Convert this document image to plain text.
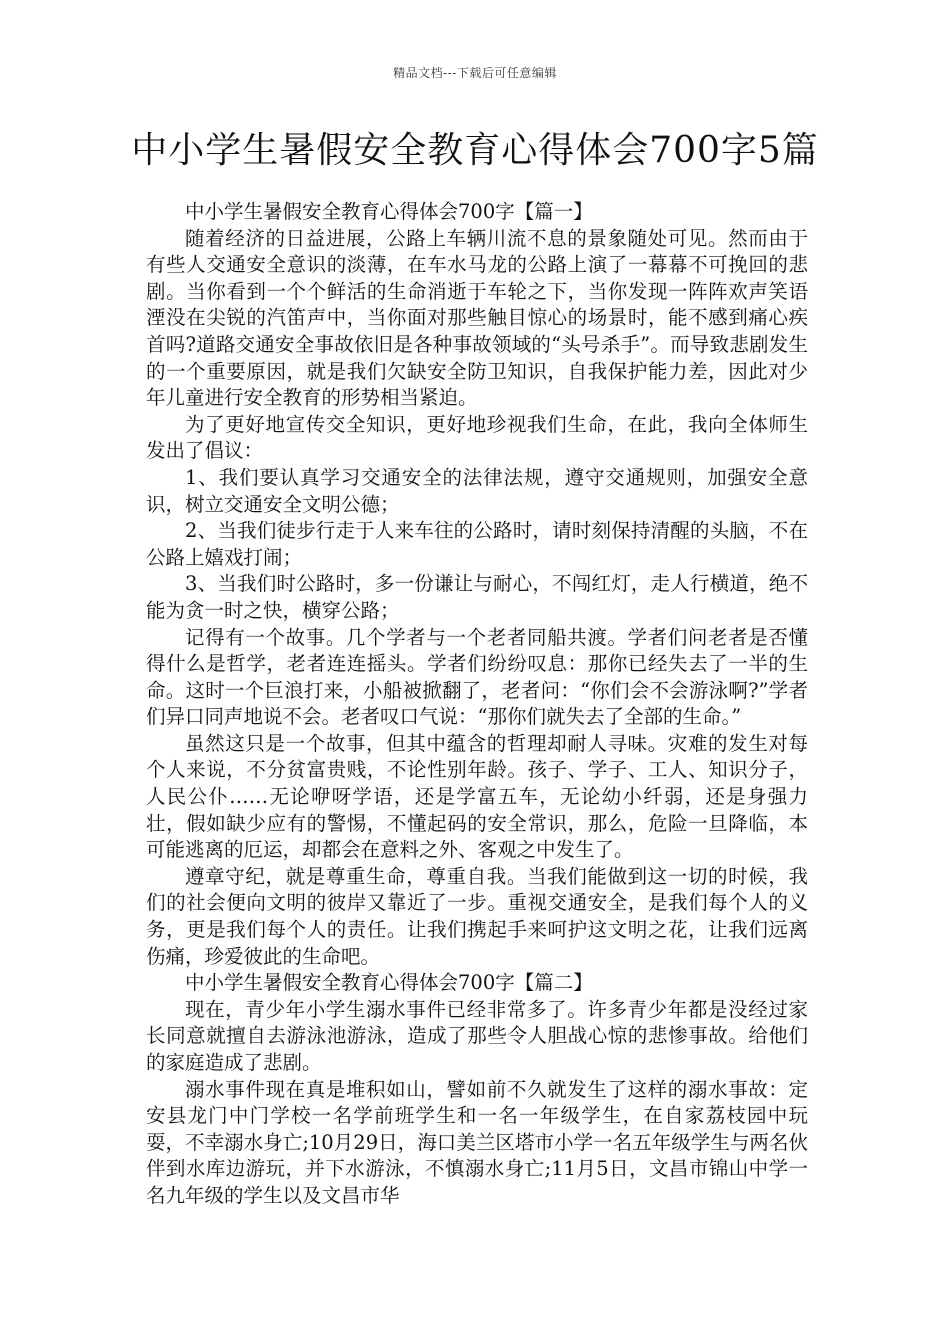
精品文档---下载后可任意编辑
中小学生暑假安全教育心得体会700字5篇

中小学生暑假安全教育心得体会700字【篇一】

随着经济的日益进展，公路上车辆川流不息的景象随处可见。然而由于有些人交通安全意识的淡薄，在车水马龙的公路上演了一幕幕不可挽回的悲剧。当你看到一个个鲜活的生命消逝于车轮之下，当你发现一阵阵欢声笑语湮没在尖锐的汽笛声中，当你面对那些触目惊心的场景时，能不感到痛心疾首吗?道路交通安全事故依旧是各种事故领域的“头号杀手”。而导致悲剧发生的一个重要原因，就是我们欠缺安全防卫知识，自我保护能力差，因此对少年儿童进行安全教育的形势相当紧迫。

为了更好地宣传交全知识，更好地珍视我们生命，在此，我向全体师生发出了倡议：

1、我们要认真学习交通安全的法律法规，遵守交通规则，加强安全意识，树立交通安全文明公德；

2、当我们徒步行走于人来车往的公路时，请时刻保持清醒的头脑，不在公路上嬉戏打闹；

3、当我们时公路时，多一份谦让与耐心，不闯红灯，走人行横道，绝不能为贪一时之快，横穿公路；

记得有一个故事。几个学者与一个老者同船共渡。学者们问老者是否懂得什么是哲学，老者连连摇头。学者们纷纷叹息：那你已经失去了一半的生命。这时一个巨浪打来，小船被掀翻了，老者问：“你们会不会游泳啊?”学者们异口同声地说不会。老者叹口气说：“那你们就失去了全部的生命。”

虽然这只是一个故事，但其中蕴含的哲理却耐人寻味。灾难的发生对每个人来说，不分贫富贵贱，不论性别年龄。孩子、学子、工人、知识分子，人民公仆……无论咿呀学语，还是学富五车，无论幼小纤弱，还是身强力壮，假如缺少应有的警惕，不懂起码的安全常识，那么，危险一旦降临，本可能逃离的厄运，却都会在意料之外、客观之中发生了。

遵章守纪，就是尊重生命，尊重自我。当我们能做到这一切的时候，我们的社会便向文明的彼岸又靠近了一步。重视交通安全，是我们每个人的义务，更是我们每个人的责任。让我们携起手来呵护这文明之花，让我们远离伤痛，珍爱彼此的生命吧。

中小学生暑假安全教育心得体会700字【篇二】

现在，青少年小学生溺水事件已经非常多了。许多青少年都是没经过家长同意就擅自去游泳池游泳，造成了那些令人胆战心惊的悲惨事故。给他们的家庭造成了悲剧。

溺水事件现在真是堆积如山，譬如前不久就发生了这样的溺水事故：定安县龙门中门学校一名学前班学生和一名一年级学生，在自家荔枝园中玩耍，不幸溺水身亡;10月29日，海口美兰区塔市小学一名五年级学生与两名伙伴到水库边游玩，并下水游泳，不慎溺水身亡;11月5日，文昌市锦山中学一名九年级的学生以及文昌市华
